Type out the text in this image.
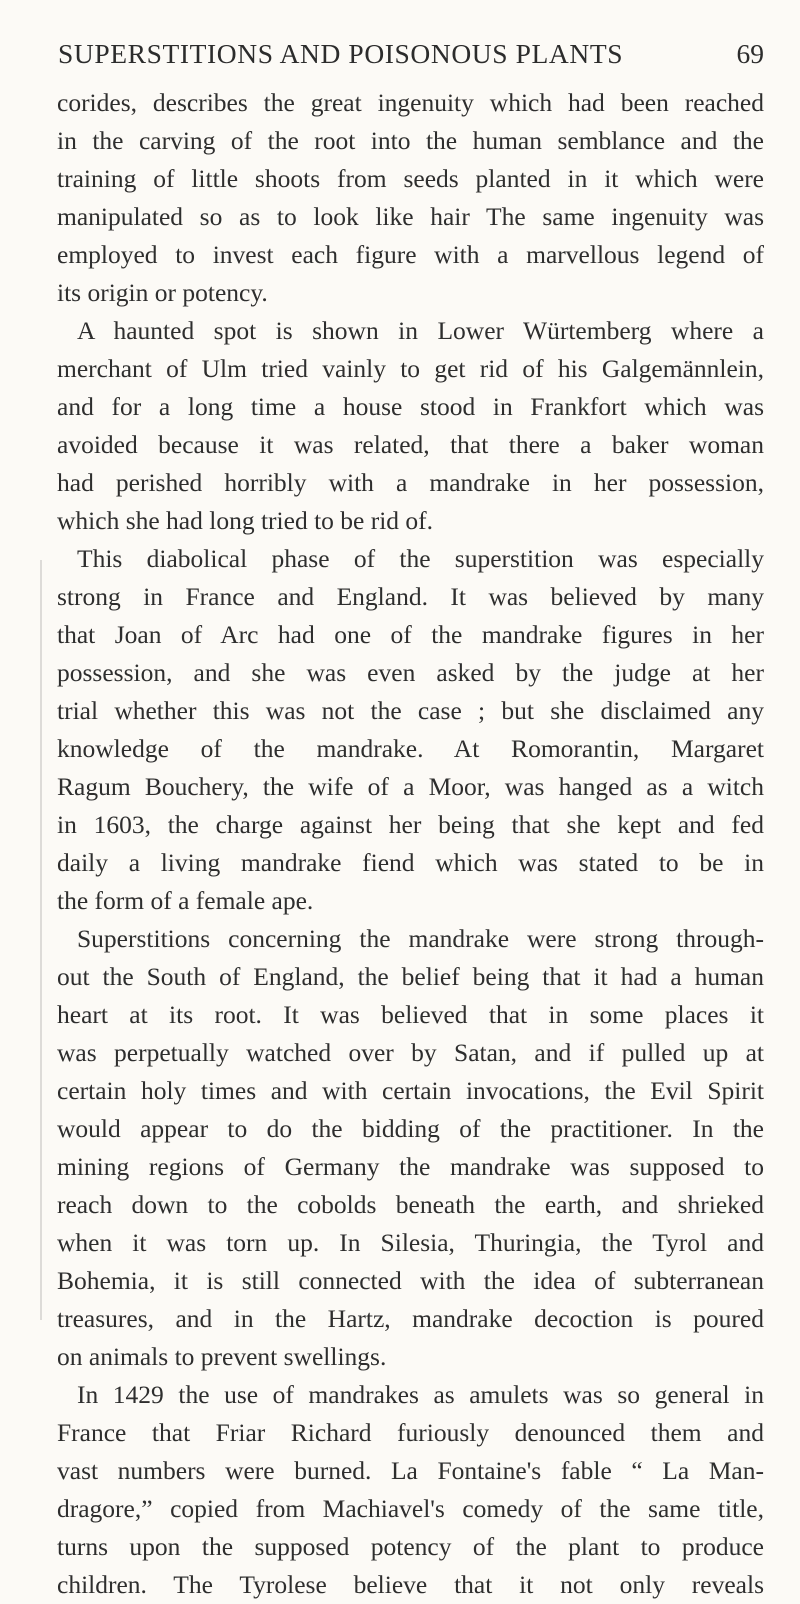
SUPERSTITIONS AND POISONOUS PLANTS	69
corides, describes the great ingenuity which had been reached
in the carving of the root into the human semblance and the
training of little shoots from seeds planted in it which were
manipulated so as to look like hair The same ingenuity was
employed to invest each figure with a marvellous legend of
its origin or potency.
A haunted spot is shown in Lower Würtemberg where a
merchant of Ulm tried vainly to get rid of his Galgemännlein,
and for a long time a house stood in Frankfort which was
avoided because it was related, that there a baker woman
had perished horribly with a mandrake in her possession,
which she had long tried to be rid of.
This diabolical phase of the superstition was especially
strong in France and England. It was believed by many
that Joan of Arc had one of the mandrake figures in her
possession, and she was even asked by the judge at her
trial whether this was not the case ; but she disclaimed any
knowledge of the mandrake. At Romorantin, Margaret
Ragum Bouchery, the wife of a Moor, was hanged as a witch
in 1603, the charge against her being that she kept and fed
daily a living mandrake fiend which was stated to be in
the form of a female ape.
Superstitions concerning the mandrake were strong through-
out the South of England, the belief being that it had a human
heart at its root. It was believed that in some places it
was perpetually watched over by Satan, and if pulled up at
certain holy times and with certain invocations, the Evil Spirit
would appear to do the bidding of the practitioner. In the
mining regions of Germany the mandrake was supposed to
reach down to the cobolds beneath the earth, and shrieked
when it was torn up. In Silesia, Thuringia, the Tyrol and
Bohemia, it is still connected with the idea of subterranean
treasures, and in the Hartz, mandrake decoction is poured
on animals to prevent swellings.
In 1429 the use of mandrakes as amulets was so general in
France that Friar Richard furiously denounced them and
vast numbers were burned. La Fontaine's fable “ La Man-
dragore,” copied from Machiavel's comedy of the same title,
turns upon the supposed potency of the plant to produce
children. The Tyrolese believe that it not only reveals
